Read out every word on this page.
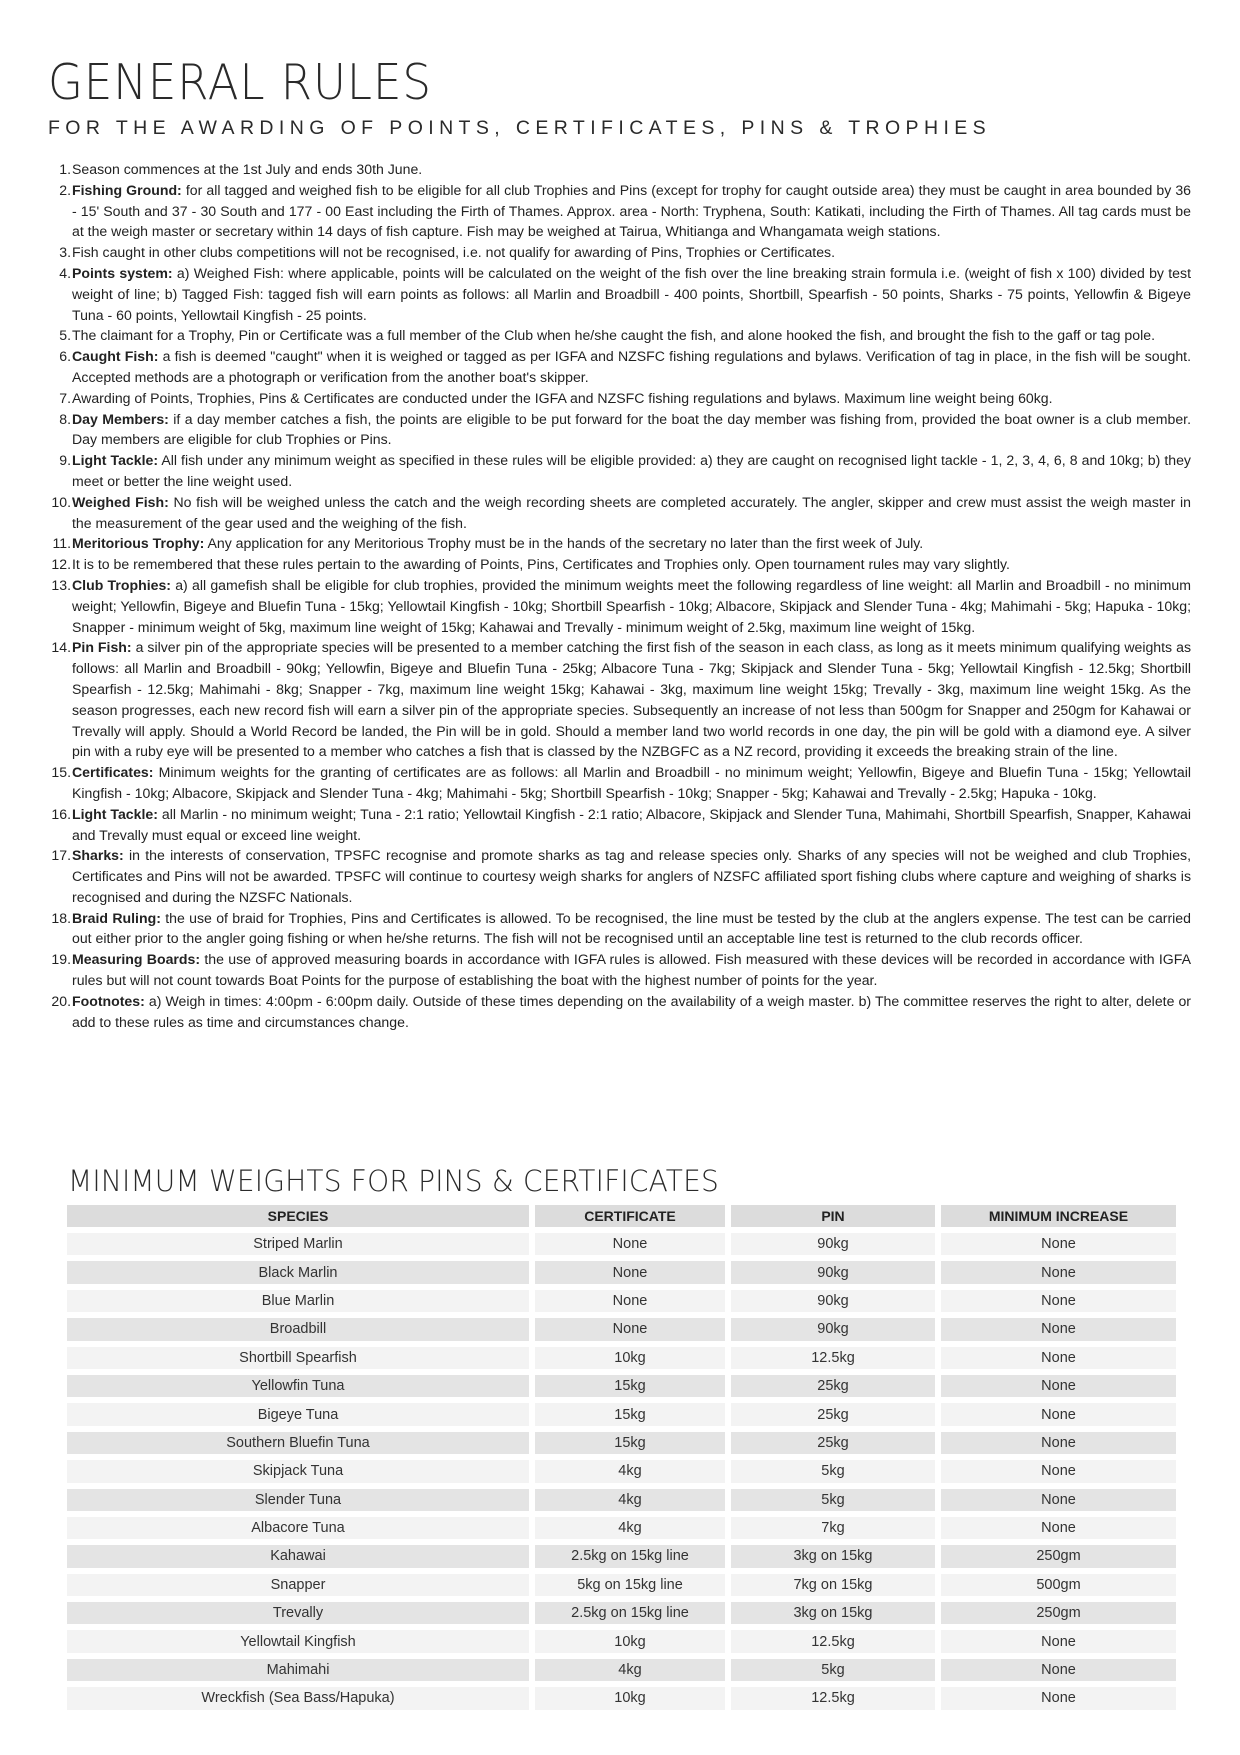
GENERAL RULES
FOR THE AWARDING OF POINTS, CERTIFICATES, PINS & TROPHIES
1. Season commences at the 1st July and ends 30th June.
2. Fishing Ground: for all tagged and weighed fish to be eligible for all club Trophies and Pins (except for trophy for caught outside area) they must be caught in area bounded by 36 - 15' South and 37 - 30 South and 177 - 00 East including the Firth of Thames. Approx. area - North: Tryphena, South: Katikati, including the Firth of Thames. All tag cards must be at the weigh master or secretary within 14 days of fish capture. Fish may be weighed at Tairua, Whitianga and Whangamata weigh stations.
3. Fish caught in other clubs competitions will not be recognised, i.e. not qualify for awarding of Pins, Trophies or Certificates.
4. Points system: a) Weighed Fish: where applicable, points will be calculated on the weight of the fish over the line breaking strain formula i.e. (weight of fish x 100) divided by test weight of line; b) Tagged Fish: tagged fish will earn points as follows: all Marlin and Broadbill - 400 points, Shortbill, Spearfish - 50 points, Sharks - 75 points, Yellowfin & Bigeye Tuna - 60 points, Yellowtail Kingfish - 25 points.
5. The claimant for a Trophy, Pin or Certificate was a full member of the Club when he/she caught the fish, and alone hooked the fish, and brought the fish to the gaff or tag pole.
6. Caught Fish: a fish is deemed "caught" when it is weighed or tagged as per IGFA and NZSFC fishing regulations and bylaws. Verification of tag in place, in the fish will be sought. Accepted methods are a photograph or verification from the another boat's skipper.
7. Awarding of Points, Trophies, Pins & Certificates are conducted under the IGFA and NZSFC fishing regulations and bylaws. Maximum line weight being 60kg.
8. Day Members: if a day member catches a fish, the points are eligible to be put forward for the boat the day member was fishing from, provided the boat owner is a club member. Day members are eligible for club Trophies or Pins.
9. Light Tackle: All fish under any minimum weight as specified in these rules will be eligible provided: a) they are caught on recognised light tackle - 1, 2, 3, 4, 6, 8 and 10kg; b) they meet or better the line weight used.
10. Weighed Fish: No fish will be weighed unless the catch and the weigh recording sheets are completed accurately. The angler, skipper and crew must assist the weigh master in the measurement of the gear used and the weighing of the fish.
11. Meritorious Trophy: Any application for any Meritorious Trophy must be in the hands of the secretary no later than the first week of July.
12. It is to be remembered that these rules pertain to the awarding of Points, Pins, Certificates and Trophies only. Open tournament rules may vary slightly.
13. Club Trophies: a) all gamefish shall be eligible for club trophies, provided the minimum weights meet the following regardless of line weight: all Marlin and Broadbill - no minimum weight; Yellowfin, Bigeye and Bluefin Tuna - 15kg; Yellowtail Kingfish - 10kg; Shortbill Spearfish - 10kg; Albacore, Skipjack and Slender Tuna - 4kg; Mahimahi - 5kg; Hapuka - 10kg; Snapper - minimum weight of 5kg, maximum line weight of 15kg; Kahawai and Trevally - minimum weight of 2.5kg, maximum line weight of 15kg.
14. Pin Fish: a silver pin of the appropriate species will be presented to a member catching the first fish of the season in each class, as long as it meets minimum qualifying weights as follows: all Marlin and Broadbill - 90kg; Yellowfin, Bigeye and Bluefin Tuna - 25kg; Albacore Tuna - 7kg; Skipjack and Slender Tuna - 5kg; Yellowtail Kingfish - 12.5kg; Shortbill Spearfish - 12.5kg; Mahimahi - 8kg; Snapper - 7kg, maximum line weight 15kg; Kahawai - 3kg, maximum line weight 15kg; Trevally - 3kg, maximum line weight 15kg. As the season progresses, each new record fish will earn a silver pin of the appropriate species. Subsequently an increase of not less than 500gm for Snapper and 250gm for Kahawai or Trevally will apply. Should a World Record be landed, the Pin will be in gold. Should a member land two world records in one day, the pin will be gold with a diamond eye. A silver pin with a ruby eye will be presented to a member who catches a fish that is classed by the NZBGFC as a NZ record, providing it exceeds the breaking strain of the line.
15. Certificates: Minimum weights for the granting of certificates are as follows: all Marlin and Broadbill - no minimum weight; Yellowfin, Bigeye and Bluefin Tuna - 15kg; Yellowtail Kingfish - 10kg; Albacore, Skipjack and Slender Tuna - 4kg; Mahimahi - 5kg; Shortbill Spearfish - 10kg; Snapper - 5kg; Kahawai and Trevally - 2.5kg; Hapuka - 10kg.
16. Light Tackle: all Marlin - no minimum weight; Tuna - 2:1 ratio; Yellowtail Kingfish - 2:1 ratio; Albacore, Skipjack and Slender Tuna, Mahimahi, Shortbill Spearfish, Snapper, Kahawai and Trevally must equal or exceed line weight.
17. Sharks: in the interests of conservation, TPSFC recognise and promote sharks as tag and release species only. Sharks of any species will not be weighed and club Trophies, Certificates and Pins will not be awarded. TPSFC will continue to courtesy weigh sharks for anglers of NZSFC affiliated sport fishing clubs where capture and weighing of sharks is recognised and during the NZSFC Nationals.
18. Braid Ruling: the use of braid for Trophies, Pins and Certificates is allowed. To be recognised, the line must be tested by the club at the anglers expense. The test can be carried out either prior to the angler going fishing or when he/she returns. The fish will not be recognised until an acceptable line test is returned to the club records officer.
19. Measuring Boards: the use of approved measuring boards in accordance with IGFA rules is allowed. Fish measured with these devices will be recorded in accordance with IGFA rules but will not count towards Boat Points for the purpose of establishing the boat with the highest number of points for the year.
20. Footnotes: a) Weigh in times: 4:00pm - 6:00pm daily. Outside of these times depending on the availability of a weigh master. b) The committee reserves the right to alter, delete or add to these rules as time and circumstances change.
MINIMUM WEIGHTS FOR PINS & CERTIFICATES
SPECIES	CERTIFICATE	PIN	MINIMUM INCREASE
Striped Marlin	None	90kg	None
Black Marlin	None	90kg	None
Blue Marlin	None	90kg	None
Broadbill	None	90kg	None
Shortbill Spearfish	10kg	12.5kg	None
Yellowfin Tuna	15kg	25kg	None
Bigeye Tuna	15kg	25kg	None
Southern Bluefin Tuna	15kg	25kg	None
Skipjack Tuna	4kg	5kg	None
Slender Tuna	4kg	5kg	None
Albacore Tuna	4kg	7kg	None
Kahawai	2.5kg on 15kg line	3kg on 15kg	250gm
Snapper	5kg on 15kg line	7kg on 15kg	500gm
Trevally	2.5kg on 15kg line	3kg on 15kg	250gm
Yellowtail Kingfish	10kg	12.5kg	None
Mahimahi	4kg	5kg	None
Wreckfish (Sea Bass/Hapuka)	10kg	12.5kg	None
